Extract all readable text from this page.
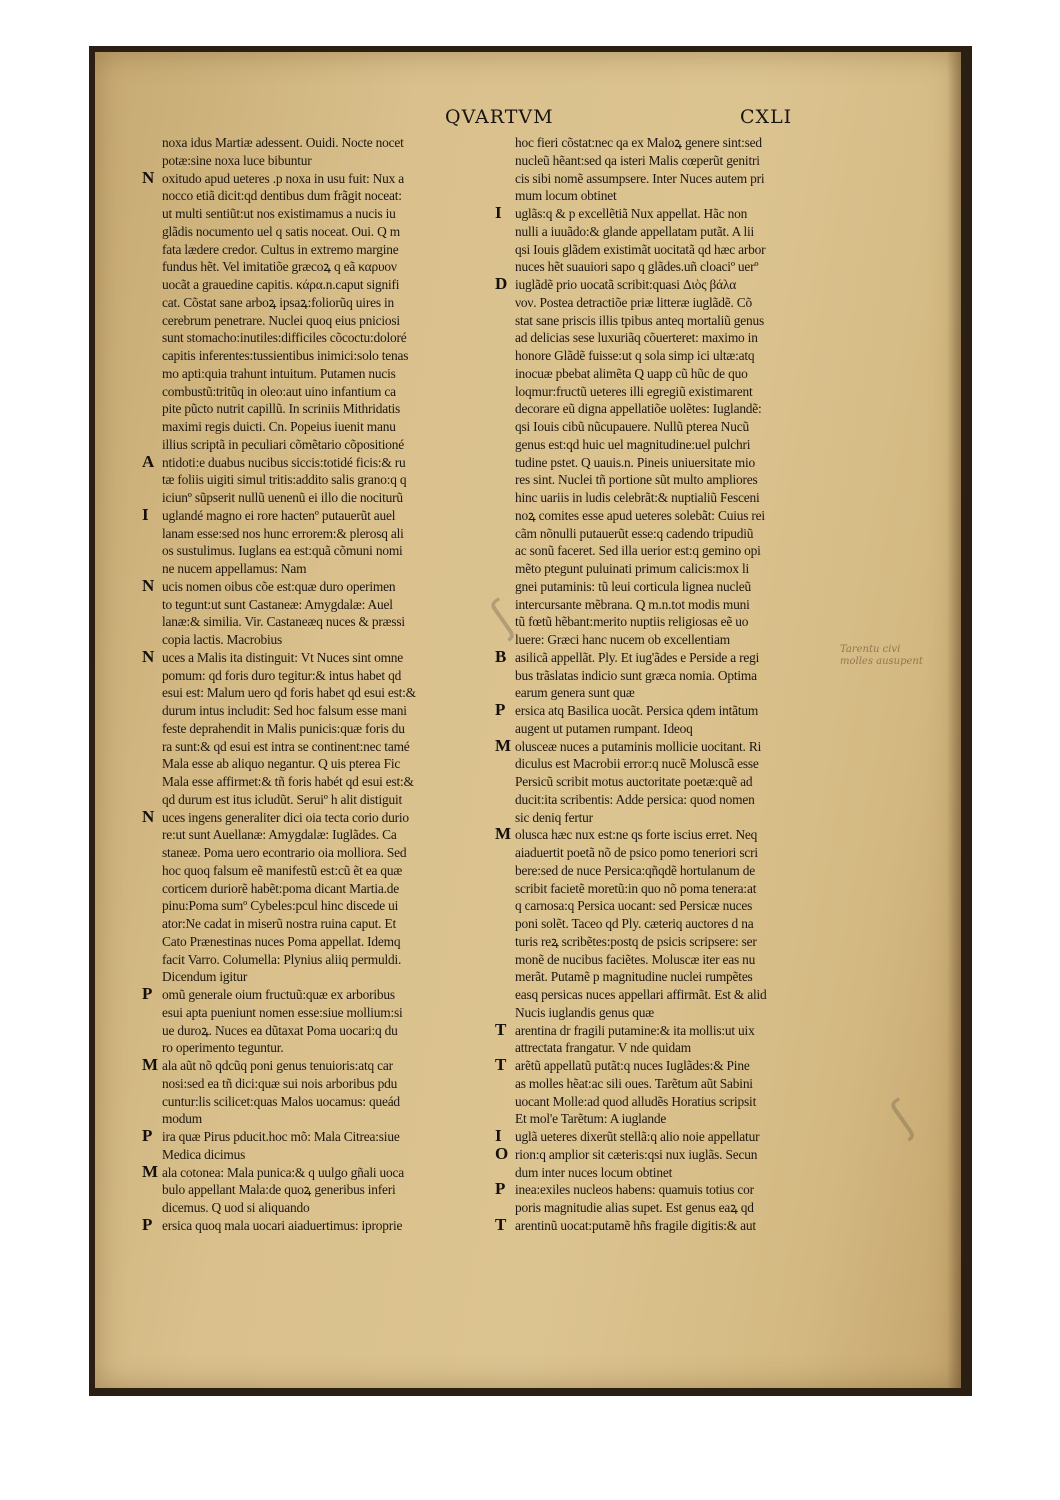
QVARTVM	CXLI
noxa idus Martiæ adessent. Ouidi. Nocte nocet
potæ:sine noxa luce bibuntur
N oxitudo apud ueteres .p noxa in usu fuit: Nux a
nocco etiã dicit:qd dentibus dum frãgit noceat:
ut multi sentiũt:ut nos existimamus a nucis iu
glãdis nocumento uel q satis noceat. Oui. Q m
fata lædere credor. Cultus in extremo margine
fundus hẽt. Vel imitatiõe græcoꝝ q eã καρυον
uocãt a grauedine capitis. κάρα.n.caput signifi
cat. Cõstat sane arboꝝ ipsaꝝ:foliorũq uires in
cerebrum penetrare. Nuclei quoq eius pniciosi
sunt stomacho:inutiles:difficiles cõcoctu:doloré
capitis inferentes:tussientibus inimici:solo tenas
mo apti:quia trahunt intuitum. Putamen nucis
combustũ:tritũq in oleo:aut uino infantium ca
pite pũcto nutrit capillũ. In scriniis Mithridatis
maximi regis duicti. Cn. Popeius iuenit manu
illius scriptã in peculiari cõmẽtario cõpositioné
A ntidoti:e duabus nucibus siccis:totidé ficis:& ru
tæ foliis uigiti simul tritis:addito salis grano:q q
iciunº sũpserit nullũ uenenũ ei illo die nociturũ
I uglandé magno ei rore hactenº putauerũt auel
lanam esse:sed nos hunc errorem:& plerosq ali
os sustulimus. Iuglans ea est:quã cõmuni nomi
ne nucem appellamus: Nam
N ucis nomen oibus cõe est:quæ duro operimen
to tegunt:ut sunt Castaneæ: Amygdalæ: Auel
lanæ:& similia. Vir. Castaneæq nuces & præssi
copia lactis. Macrobius
N uces a Malis ita distinguit: Vt Nuces sint omne
pomum: qd foris duro tegitur:& intus habet qd
esui est: Malum uero qd foris habet qd esui est:&
durum intus includit: Sed hoc falsum esse mani
feste deprahendit in Malis punicis:quæ foris du
ra sunt:& qd esui est intra se continent:nec tamé
Mala esse ab aliquo negantur. Q uis pterea Fic
Mala esse affirmet:& tñ foris habét qd esui est:&
qd durum est itus icludũt. Seruiº h alit distiguit
N uces ingens generaliter dici oia tecta corio durio
re:ut sunt Auellanæ: Amygdalæ: Iuglãdes. Ca
staneæ. Poma uero econtrario oia molliora. Sed
hoc quoq falsum eẽ manifestũ est:cũ ẽt ea quæ
corticem duriorẽ habẽt:poma dicant Martia.de
pinu:Poma sumº Cybeles:pcul hinc discede ui
ator:Ne cadat in miserũ nostra ruina caput. Et
Cato Prænestinas nuces Poma appellat. Idemq
facit Varro. Columella: Plynius aliiq permuldi.
Dicendum igitur
P omũ generale oium fructuũ:quæ ex arboribus
esui apta pueniunt nomen esse:siue mollium:si
ue duroꝝ. Nuces ea dũtaxat Poma uocari:q du
ro operimento teguntur.
M ala aũt nõ qdcũq poni genus tenuioris:atq car
nosi:sed ea tñ dici:quæ sui nois arboribus pdu
cuntur:lis scilicet:quas Malos uocamus: queád
modum
P ira quæ Pirus pducit.hoc mõ: Mala Citrea:siue
Medica dicimus
M ala cotonea: Mala punica:& q uulgo gñali uoca
bulo appellant Mala:de quoꝝ generibus inferi
dicemus. Q uod si aliquando
P ersica quoq mala uocari aiaduertimus: iproprie
hoc fieri cõstat:nec qa ex Maloꝝ genere sint:sed
nucleũ hẽant:sed qa isteri Malis cœperũt genitri
cis sibi nomẽ assumpsere. Inter Nuces autem pri
mum locum obtinet
I uglãs:q & p excellẽtiã Nux appellat. Hãc non
nulli a iuuãdo:& glande appellatam putãt. A lii
qsi Iouis glãdem existimãt uocitatã qd hæc arbor
nuces hẽt suauiori sapo q glãdes.uñ cloaciº uerº
D iuglãdẽ prio uocatã scribit:quasi Διὸς βάλα
νον. Postea detractiõe priæ litteræ iuglãdẽ. Cõ
stat sane priscis illis tpibus anteq mortaliũ genus
ad delicias sese luxuriãq cõuerteret: maximo in
honore Glãdẽ fuisse:ut q sola simp ici ultæ:atq
inocuæ pbebat alimẽta Q uapp cũ hũc de quo
loqmur:fructũ ueteres illi egregiũ existimarent
decorare eũ digna appellatiõe uolẽtes: Iuglandẽ:
qsi Iouis cibũ nũcupauere. Nullũ pterea Nucũ
genus est:qd huic uel magnitudine:uel pulchri
tudine pstet. Q uauis.n. Pineis uniuersitate mio
res sint. Nuclei tñ portione sũt multo ampliores
hinc uariis in ludis celebrãt:& nuptialiũ Fesceni
noꝝ comites esse apud ueteres solebãt: Cuius rei
cãm nõnulli putauerũt esse:q cadendo tripudiũ
ac sonũ faceret. Sed illa uerior est:q gemino opi
mẽto ptegunt puluinati primum calicis:mox li
gnei putaminis: tũ leui corticula lignea nucleũ
intercursante mẽbrana. Q m.n.tot modis muni
tũ fœtũ hẽbant:merito nuptiis religiosas eẽ uo
luere: Græci hanc nucem ob excellentiam
B asilicã appellãt. Ply. Et iug'ãdes e Perside a regi
bus trãslatas indicio sunt græca nomia. Optima
earum genera sunt quæ
P ersica atq Basilica uocãt. Persica qdem intãtum
augent ut putamen rumpant. Ideoq
M olusceæ nuces a putaminis mollicie uocitant. Ri
diculus est Macrobii error:q nucẽ Moluscã esse
Persicũ scribit motus auctoritate poetæ:quẽ ad
ducit:ita scribentis: Adde persica: quod nomen
sic deniq fertur
M olusca hæc nux est:ne qs forte iscius erret. Neq
aiaduertit poetã nõ de psico pomo teneriori scri
bere:sed de nuce Persica:qñqdẽ hortulanum de
scribit facietẽ moretũ:in quo nõ poma tenera:at
q carnosa:q Persica uocant: sed Persicæ nuces
poni solẽt. Taceo qd Ply. cæteriq auctores d na
turis reꝝ scribẽtes:postq de psicis scripsere: ser
monẽ de nucibus faciẽtes. Moluscæ iter eas nu
merãt. Putamẽ p magnitudine nuclei rumpẽtes
easq persicas nuces appellari affirmãt. Est & alid
Nucis iuglandis genus quæ
T arentina dr fragili putamine:& ita mollis:ut uix
attrectata frangatur. V nde quidam
T arẽtũ appellatũ putãt:q nuces Iuglãdes:& Pine
as molles hẽat:ac sili oues. Tarẽtum aũt Sabini
uocant Molle:ad quod alludẽs Horatius scripsit
Et mol'e Tarẽtum: A iuglande
I uglã ueteres dixerũt stellã:q alio noie appellatur
O rion:q amplior sit cæteris:qsi nux iuglãs. Secun
dum inter nuces locum obtinet
P inea:exiles nucleos habens: quamuis totius cor
poris magnitudie alias supet. Est genus eaꝝ qd
T arentinũ uocat:putamẽ hñs fragile digitis:& aut
Tarentu civi
molles ausupent
ʃ
ʃ
